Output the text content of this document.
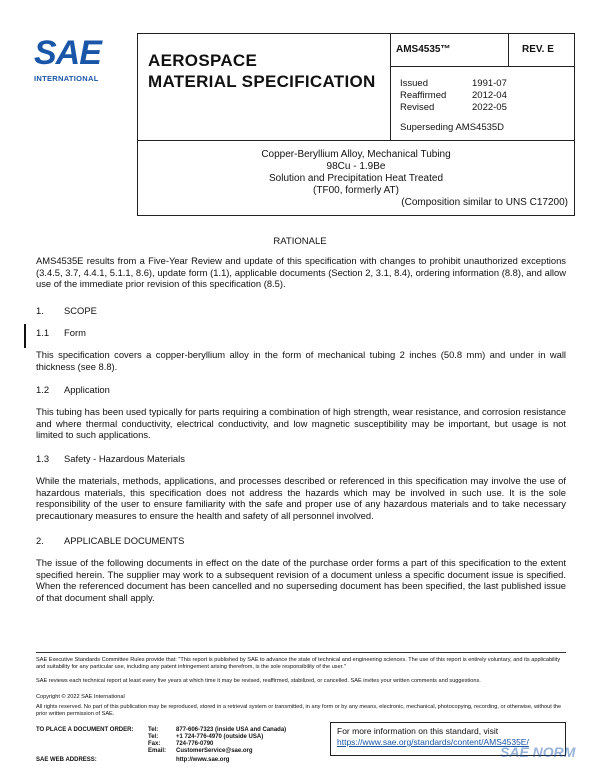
SAE
INTERNATIONAL
AEROSPACE
MATERIAL SPECIFICATION
AMS4535™	REV. E
Issued	1991-07
Reaffirmed	2012-04
Revised	2022-05
Superseding AMS4535D
Copper-Beryllium Alloy, Mechanical Tubing
98Cu - 1.9Be
Solution and Precipitation Heat Treated
(TF00, formerly AT)
(Composition similar to UNS C17200)
RATIONALE
AMS4535E results from a Five-Year Review and update of this specification with changes to prohibit unauthorized exceptions (3.4.5, 3.7, 4.4.1, 5.1.1, 8.6), update form (1.1), applicable documents (Section 2, 3.1, 8.4), ordering information (8.8), and allow use of the immediate prior revision of this specification (8.5).
1. SCOPE
1.1 Form
This specification covers a copper-beryllium alloy in the form of mechanical tubing 2 inches (50.8 mm) and under in wall thickness (see 8.8).
1.2 Application
This tubing has been used typically for parts requiring a combination of high strength, wear resistance, and corrosion resistance and where thermal conductivity, electrical conductivity, and low magnetic susceptibility may be important, but usage is not limited to such applications.
1.3 Safety - Hazardous Materials
While the materials, methods, applications, and processes described or referenced in this specification may involve the use of hazardous materials, this specification does not address the hazards which may be involved in such use. It is the sole responsibility of the user to ensure familiarity with the safe and proper use of any hazardous materials and to take necessary precautionary measures to ensure the health and safety of all personnel involved.
2. APPLICABLE DOCUMENTS
The issue of the following documents in effect on the date of the purchase order forms a part of this specification to the extent specified herein. The supplier may work to a subsequent revision of a document unless a specific document issue is specified. When the referenced document has been cancelled and no superseding document has been specified, the last published issue of that document shall apply.
SAE Executive Standards Committee Rules provide that: "This report is published by SAE to advance the state of technical and engineering sciences. The use of this report is entirely voluntary, and its applicability and suitability for any particular use, including any patent infringement arising therefrom, is the sole responsibility of the user."
SAE reviews each technical report at least every five years at which time it may be revised, reaffirmed, stabilized, or cancelled. SAE invites your written comments and suggestions.
Copyright © 2022 SAE International
All rights reserved. No part of this publication may be reproduced, stored in a retrieval system or transmitted, in any form or by any means, electronic, mechanical, photocopying, recording, or otherwise, without the prior written permission of SAE.
TO PLACE A DOCUMENT ORDER:	Tel:	877-606-7323 (inside USA and Canada)
	Tel:	+1 724-776-4970 (outside USA)
	Fax:	724-776-0790
	Email:	CustomerService@sae.org
SAE WEB ADDRESS:	http://www.sae.org
For more information on this standard, visit
https://www.sae.org/standards/content/AMS4535E/
SAE NORM
